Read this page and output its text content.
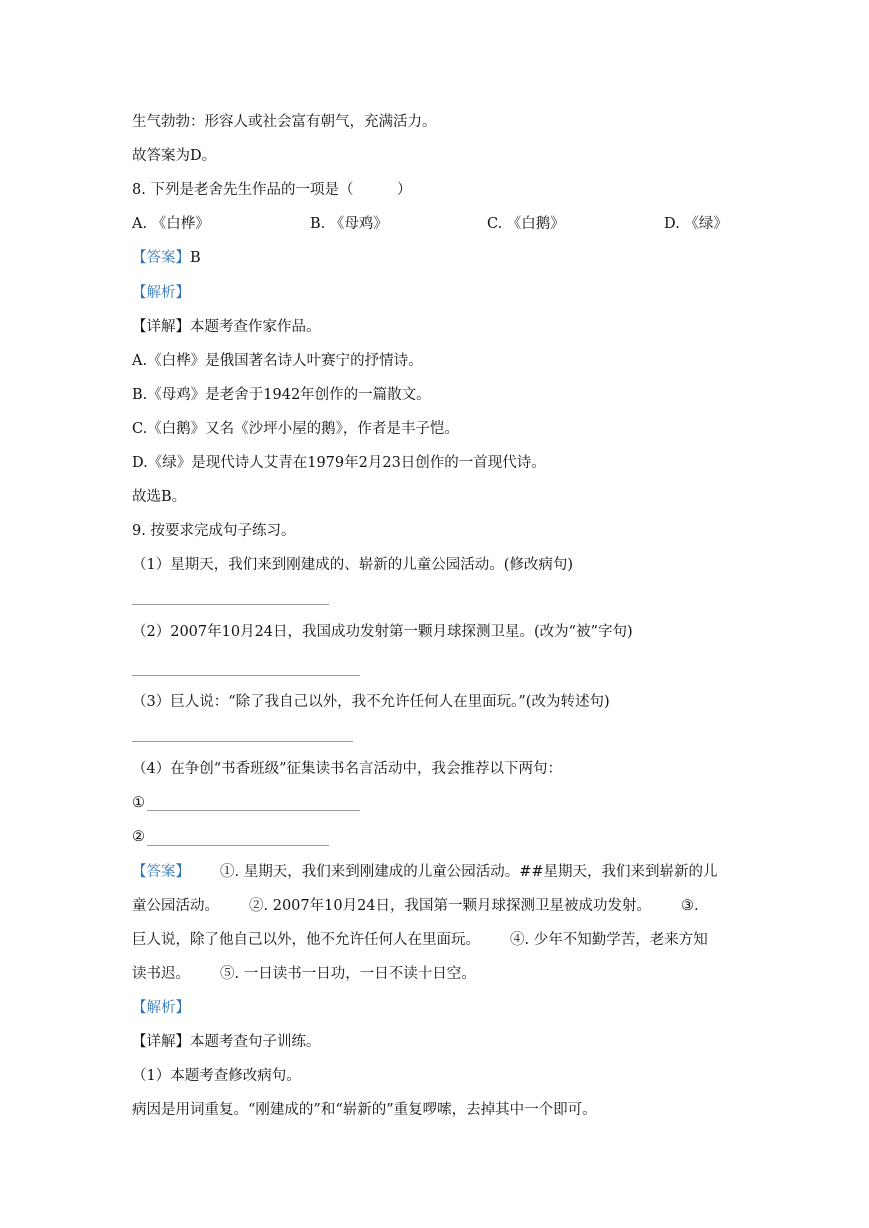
生气勃勃：形容人或社会富有朝气，充满活力。
故答案为D。
8. 下列是老舍先生作品的一项是（　　　）
A. 《白桦》	B. 《母鸡》	C. 《白鹅》	D. 《绿》
【答案】B
【解析】
【详解】本题考查作家作品。
A.《白桦》是俄国著名诗人叶赛宁的抒情诗。
B.《母鸡》是老舍于1942年创作的一篇散文。
C.《白鹅》又名《沙坪小屋的鹅》，作者是丰子恺。
D.《绿》是现代诗人艾青在1979年2月23日创作的一首现代诗。
故选B。
9. 按要求完成句子练习。
（1）星期天，我们来到刚建成的、崭新的儿童公园活动。(修改病句)
（2）2007年10月24日，我国成功发射第一颗月球探测卫星。(改为“被”字句)
（3）巨人说：“除了我自己以外，我不允许任何人在里面玩。”(改为转述句)
（4）在争创“书香班级”征集读书名言活动中，我会推荐以下两句：
①
②
【答案】 ①. 星期天，我们来到刚建成的儿童公园活动。##星期天，我们来到崭新的儿
童公园活动。 ②. 2007年10月24日，我国第一颗月球探测卫星被成功发射。 ③.
巨人说，除了他自己以外，他不允许任何人在里面玩。 ④. 少年不知勤学苦，老来方知
读书迟。 ⑤. 一日读书一日功，一日不读十日空。
【解析】
【详解】本题考查句子训练。
（1）本题考查修改病句。
病因是用词重复。“刚建成的”和“崭新的”重复啰嗦，去掉其中一个即可。
